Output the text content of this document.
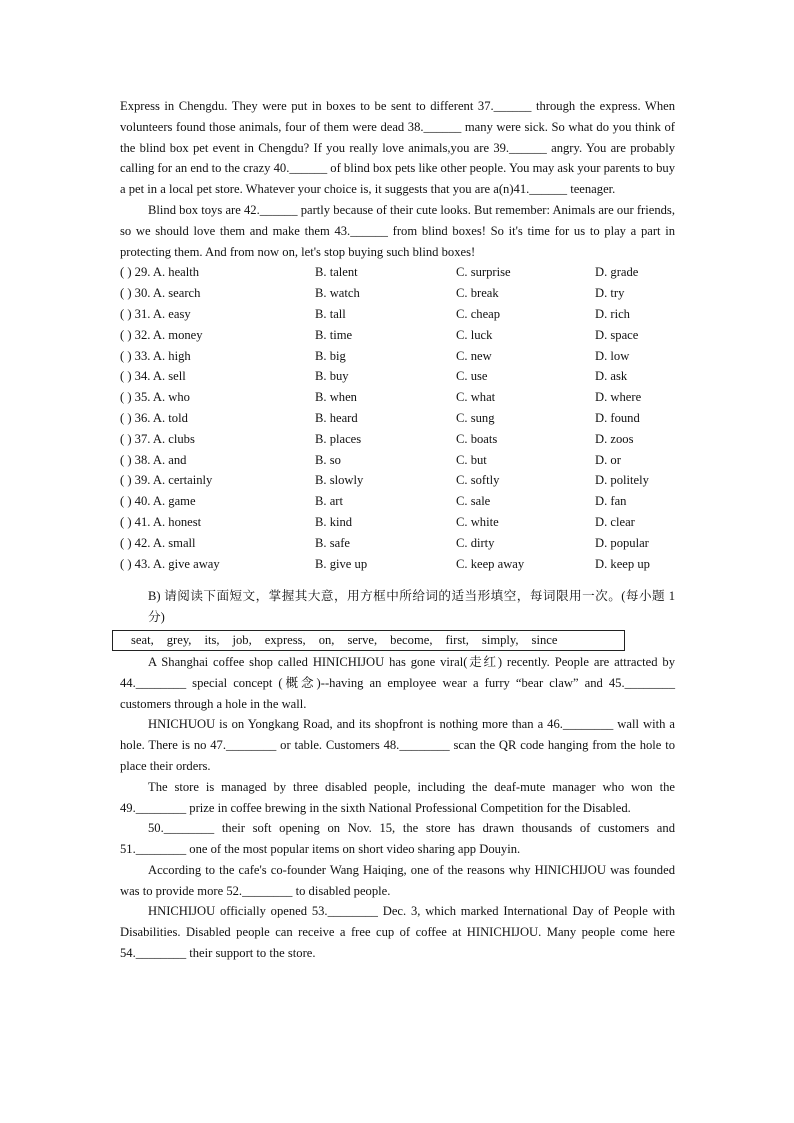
Express in Chengdu. They were put in boxes to be sent to different 37.______ through the express. When volunteers found those animals, four of them were dead 38.______ many were sick. So what do you think of the blind box pet event in Chengdu? If you really love animals,you are 39.______ angry. You are probably calling for an end to the crazy 40.______ of blind box pets like other people. You may ask your parents to buy a pet in a local pet store. Whatever your choice is, it suggests that you are a(n)41.______ teenager.

Blind box toys are 42.______ partly because of their cute looks. But remember: Animals are our friends, so we should love them and make them 43.______ from blind boxes! So it's time for us to play a part in protecting them. And from now on, let's stop buying such blind boxes!

( ) 29. A. health	B. talent	C. surprise	D. grade
( ) 30. A. search	B. watch	C. break	D. try
( ) 31. A. easy	B. tall	C. cheap	D. rich
( ) 32. A. money	B. time	C. luck	D. space
( ) 33. A. high	B. big	C. new	D. low
( ) 34. A. sell	B. buy	C. use	D. ask
( ) 35. A. who	B. when	C. what	D. where
( ) 36. A. told	B. heard	C. sung	D. found
( ) 37. A. clubs	B. places	C. boats	D. zoos
( ) 38. A. and	B. so	C. but	D. or
( ) 39. A. certainly	B. slowly	C. softly	D. politely
( ) 40. A. game	B. art	C. sale	D. fan
( ) 41. A. honest	B. kind	C. white	D. clear
( ) 42. A. small	B. safe	C. dirty	D. popular
( ) 43. A. give away	B. give up	C. keep away	D. keep up

B) 请阅读下面短文，掌握其大意，用方框中所给词的适当形填空，每词限用一次。(每小题 1 分)

seat, grey, its, job, express, on, serve, become, first, simply, since

A Shanghai coffee shop called HINICHIJOU has gone viral(走红) recently. People are attracted by 44.________ special concept (概念)--having an employee wear a furry “bear claw” and 45.________ customers through a hole in the wall.

HNICHUOU is on Yongkang Road, and its shopfront is nothing more than a 46.________ wall with a hole. There is no 47.________ or table. Customers 48.________ scan the QR code hanging from the hole to place their orders.

The store is managed by three disabled people, including the deaf-mute manager who won the 49.________ prize in coffee brewing in the sixth National Professional Competition for the Disabled.

50.________ their soft opening on Nov. 15, the store has drawn thousands of customers and 51.________ one of the most popular items on short video sharing app Douyin.

According to the cafe's co-founder Wang Haiqing, one of the reasons why HINICHIJOU was founded was to provide more 52.________ to disabled people.

HNICHIJOU officially opened 53.________ Dec. 3, which marked International Day of People with Disabilities. Disabled people can receive a free cup of coffee at HINICHIJOU. Many people come here 54.________ their support to the store.
